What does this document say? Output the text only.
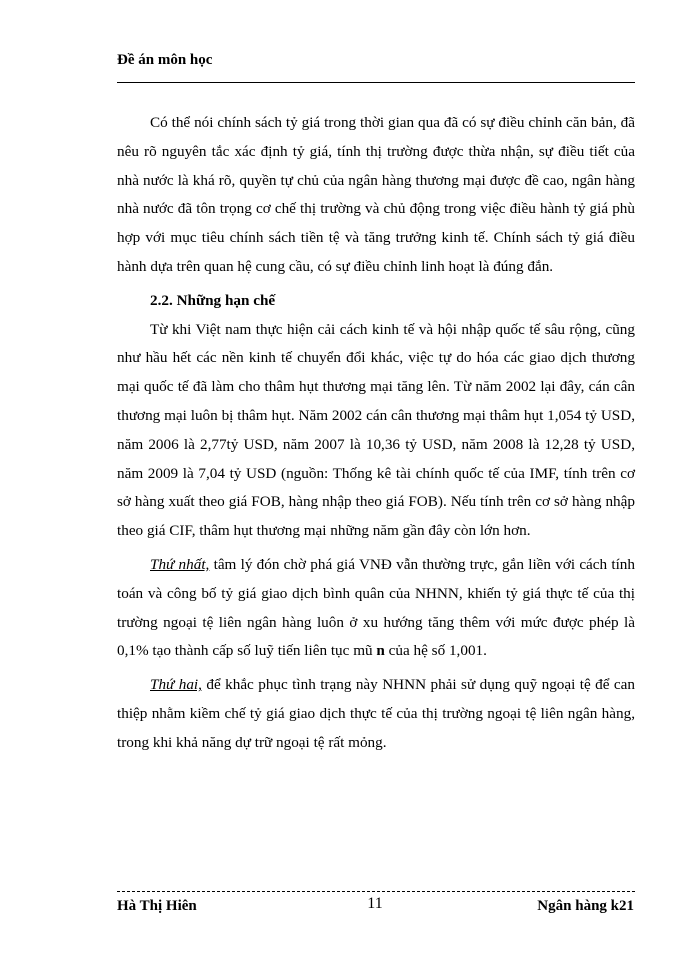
Đề án môn học

Có thể nói chính sách tỷ giá trong thời gian qua đã có sự điều chỉnh căn bản, đã nêu rõ nguyên tắc xác định tỷ giá, tính thị trường được thừa nhận, sự điều tiết của nhà nước là khá rõ, quyền tự chủ của ngân hàng thương mại được đề cao, ngân hàng nhà nước đã tôn trọng cơ chế thị trường và chủ động trong việc điều hành tỷ giá phù hợp với mục tiêu chính sách tiền tệ và tăng trưởng kinh tế. Chính sách tỷ giá điều hành dựa trên quan hệ cung cầu, có sự điều chỉnh linh hoạt là đúng đắn.

2.2. Những hạn chế

Từ khi Việt nam thực hiện cải cách kinh tế và hội nhập quốc tế sâu rộng, cũng như hầu hết các nền kinh tế chuyển đổi khác, việc tự do hóa các giao dịch thương mại quốc tế đã làm cho thâm hụt thương mại tăng lên. Từ năm 2002 lại đây, cán cân thương mại luôn bị thâm hụt. Năm 2002 cán cân thương mại thâm hụt 1,054 tỷ USD, năm 2006 là 2,77tỷ USD, năm 2007 là 10,36 tỷ USD, năm 2008 là 12,28 tỷ USD, năm 2009 là 7,04 tỷ USD (nguồn: Thống kê tài chính quốc tế của IMF, tính trên cơ sở hàng xuất theo giá FOB, hàng nhập theo giá FOB). Nếu tính trên cơ sở hàng nhập theo giá CIF, thâm hụt thương mại những năm gần đây còn lớn hơn.

Thứ nhất, tâm lý đón chờ phá giá VNĐ vẫn thường trực, gắn liền với cách tính toán và công bố tỷ giá giao dịch bình quân của NHNN, khiến tỷ giá thực tế của thị trường ngoại tệ liên ngân hàng luôn ở xu hướng tăng thêm với mức được phép là 0,1% tạo thành cấp số luỹ tiến liên tục mũ n của hệ số 1,001.

Thứ hai, để khắc phục tình trạng này NHNN phải sử dụng quỹ ngoại tệ để can thiệp nhằm kiềm chế tỷ giá giao dịch thực tế của thị trường ngoại tệ liên ngân hàng, trong khi khả năng dự trữ ngoại tệ rất mỏng.

Hà Thị Hiên	11	Ngân hàng k21
